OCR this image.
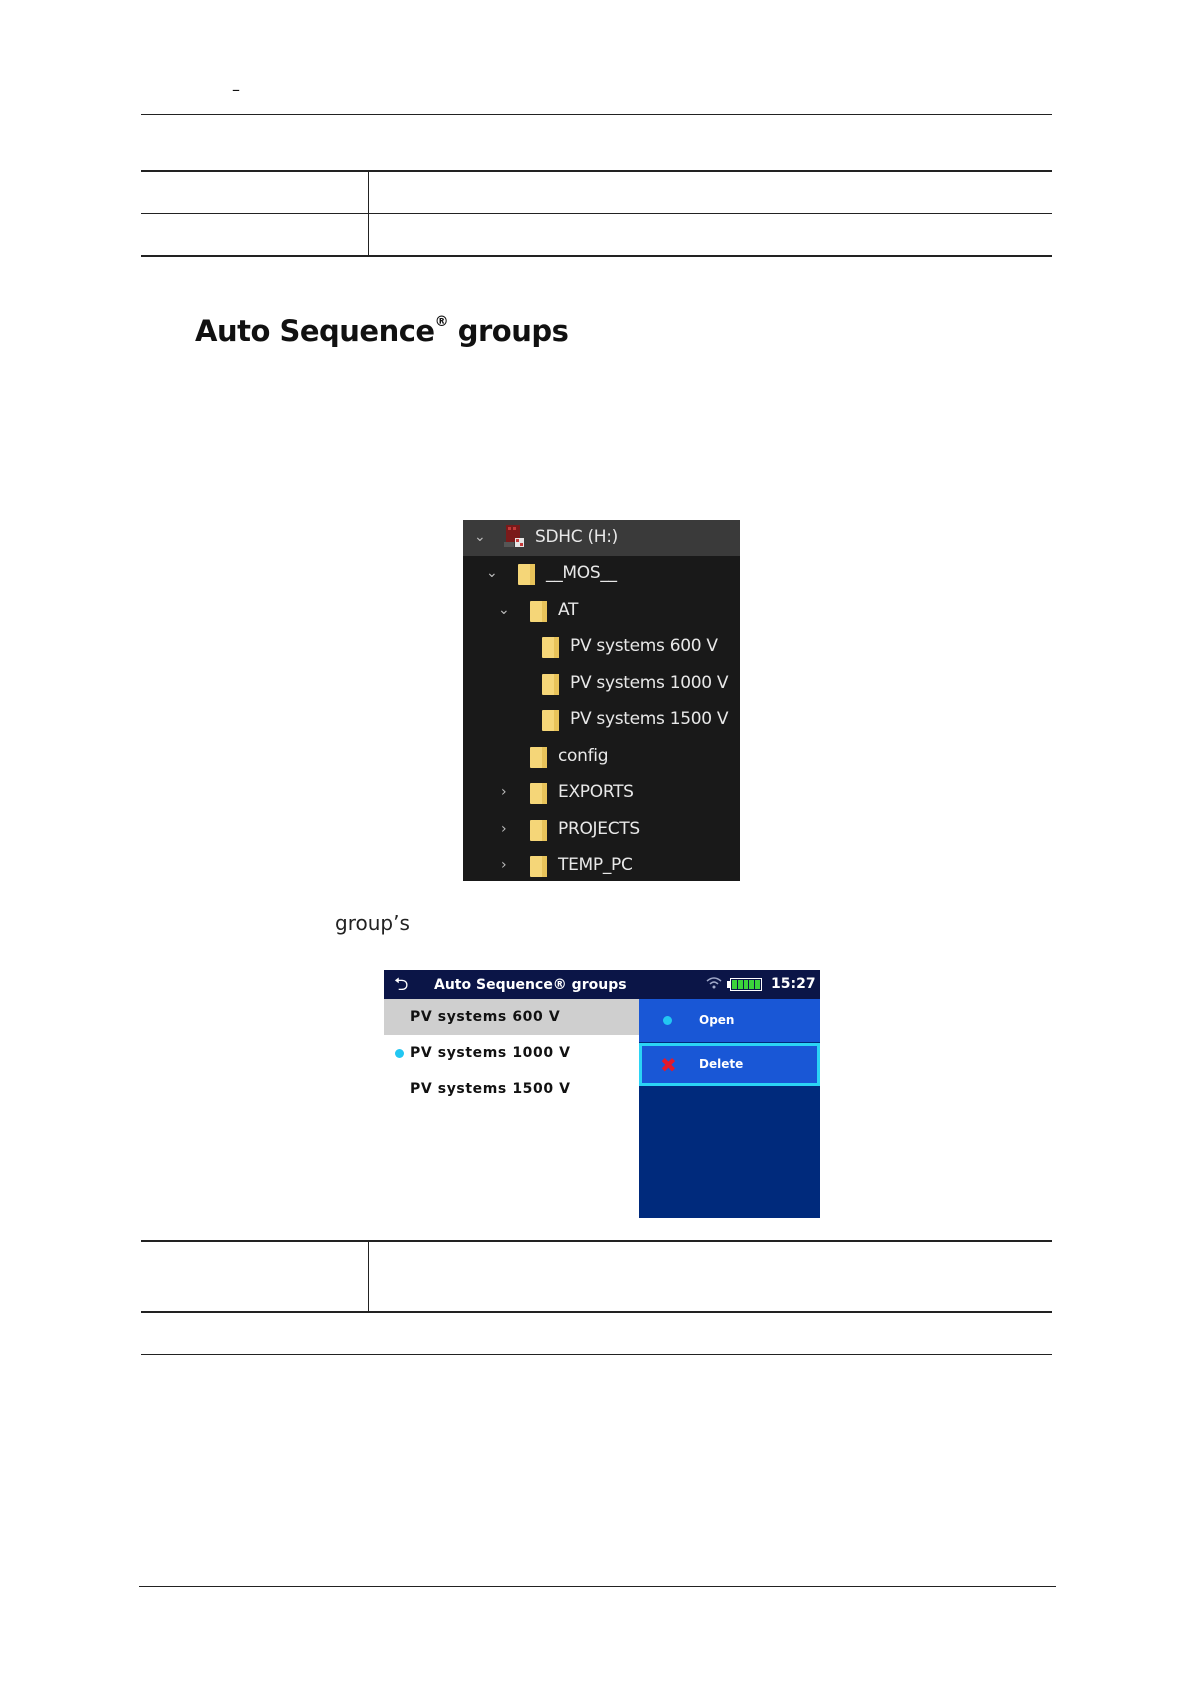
–
Auto Sequence® groups
⌄	SDHC (H:)
⌄	__MOS__
⌄	AT
PV systems 600 V
PV systems 1000 V
PV systems 1500 V
config
›	EXPORTS
›	PROJECTS
›	TEMP_PC
group’s
⮌ Auto Sequence® groups	15:27
PV systems 600 V
PV systems 1000 V
PV systems 1500 V
Open
✖ Delete
